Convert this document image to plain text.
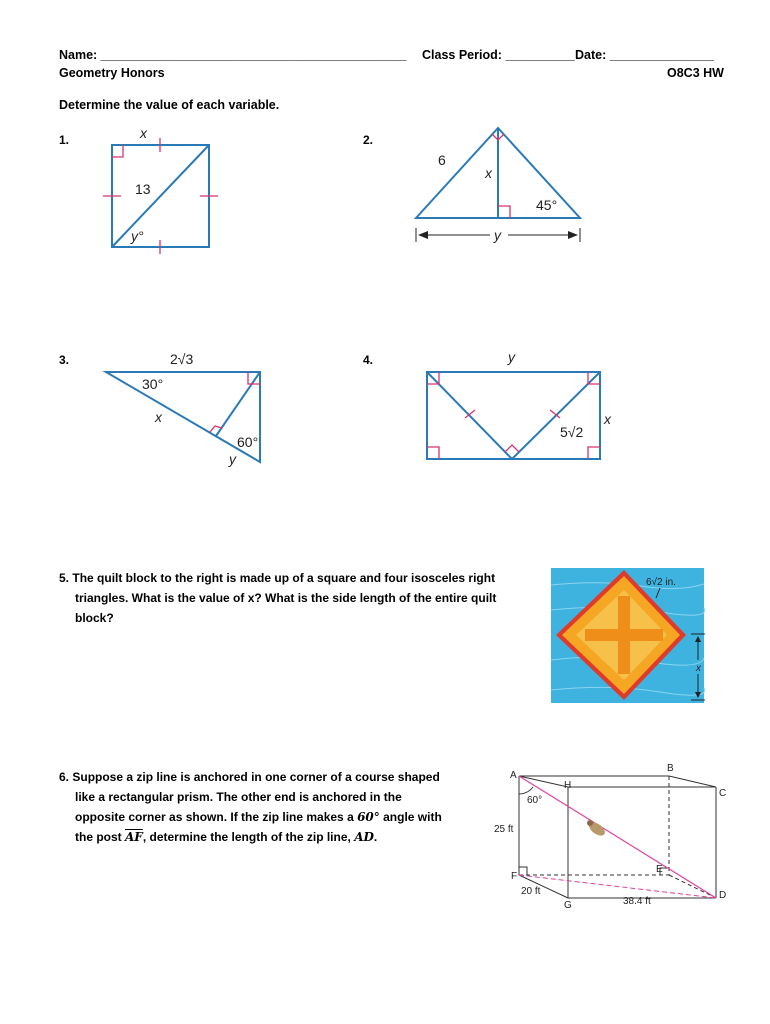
Name: ____________________________________________ Class Period: __________ Date: _______________
Geometry Honors	O8C3 HW
Determine the value of each variable.
1.	2.
3.	4.
5. The quilt block to the right is made up of a square and four isosceles right
triangles. What is the value of x? What is the side length of the entire quilt
block?
6. Suppose a zip line is anchored in one corner of a course shaped
like a rectangular prism. The other end is anchored in the
opposite corner as shown. If the zip line makes a 60° angle with
the post $\overline{AF}$, determine the length of the zip line, AD.
x
13
y°
6
x
45°
y
2√3
30°
x
60°
y
y
5√2
x
6√2 in.
x
A
H
B
C
D
E
F
G
60°
25 ft
20 ft
38.4 ft
